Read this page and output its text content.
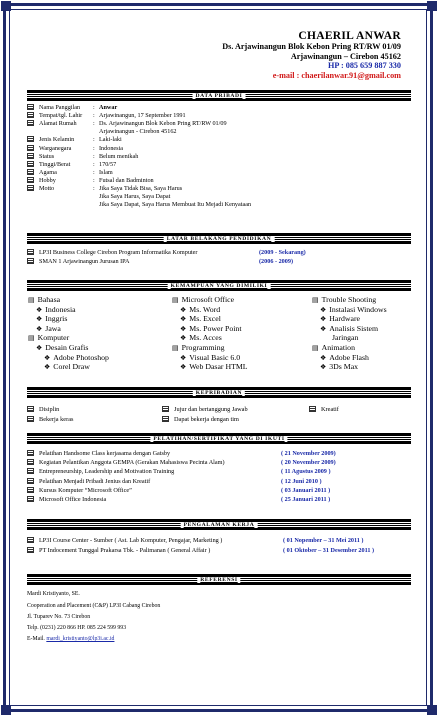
CHAERIL ANWAR
Ds. Arjawinangun Blok Kebon Pring RT/RW 01/09
Arjawinangun – Cirebon 45162
HP : 085 659 887 330
e-mail : chaerilanwar.91@gmail.com
DATA PRIBADI
Nama Panggilan : Anwar
Tempat/tgl. Lahir : Arjawinangun, 17 September 1991
Alamat Rumah	: Ds. Arjawinangun Blok Kebon Pring RT/RW 01/09
Arjawinangun - Cirebon 45162
Jenis Kelamin	: Laki-laki
Warganegara	: Indonesia
Status	: Belum menikah
Tinggi/Berat	: 170/57
Agama	: Islam
Hobby	: Futsal dan Badminton
Motto	: Jika Saya Tidak Bisa, Saya Harus
Jika Saya Harus, Saya Dapat
Jika Saya Dapat, Saya Harus Membuat Itu Mejadi Kenyataan
LATAR BELAKANG PENDIDIKAN
LP3I Business College Cirebon Program Informatika Komputer	(2009 - Sekarang)
SMAN 1 Arjawinangun Jurusan IPA	(2006 - 2009)
KEMAMPUAN YANG DIMILIKI
▤ Bahasa
❖ Indonesia
❖ Inggris
❖ Jawa
▤ Komputer
❖ Desain Grafis
❖ Adobe Photoshop
❖ Corel Draw
▤ Microsoft Office
❖ Ms. Word
❖ Ms. Excel
❖ Ms. Power Point
❖ Ms. Acces
▤ Programming
❖ Visual Basic 6.0
❖ Web Dasar HTML
▤ Trouble Shooting
❖ Instalasi Windows
❖ Hardware
❖ Analisis Sistem
Jaringan
▤ Animation
❖ Adobe Flash
❖ 3Ds Max
KEPRIBADIAN
Disiplin	Jujur dan bertanggung Jawab	Kreatif
Bekerja keras	Dapat bekerja dengan tim
PELATIHAN/SERTIFIKAT YANG DI IKUTI
Pelatihan Handsome Class kerjasama dengan Gatsby	( 21 November 2009)
Kegiatan Pelantikan Anggota GEMPA (Gerakan Mahasiswa Pecinta Alam)	( 20 November 2009)
Entrepreneurship, Leadership and Motivation Training	( 11 Agustus 2009 )
Pelatihan Menjadi Pribadi Jenius dan Kreatif	( 12 Juni 2010 )
Kursus Komputer “Microsoft Office”	( 03 Januari 2011 )
Microsoft Office Indonesia	( 25 Januari 2011 )
PENGALAMAN KERJA
LP3I Course Center - Sumber ( Ast. Lab Komputer, Pengajar, Marketing )	( 01 Nopember – 31 Mei 2011 )
PT Indocement Tunggal Prakarsa Tbk. - Palimanan ( General Affair )	( 01 Oktober – 31 Desember 2011 )
REFERENSI
Mardi Kristiyanto, SE.
Cooperation and Placement (C&P) LP3I Cabang Cirebon
Jl. Tuparev No. 73 Cirebon
Telp. (0231) 220 866 HP. 085 224 599 993
E-Mail. mardi_kristiyanto@lp3i.ac.id
